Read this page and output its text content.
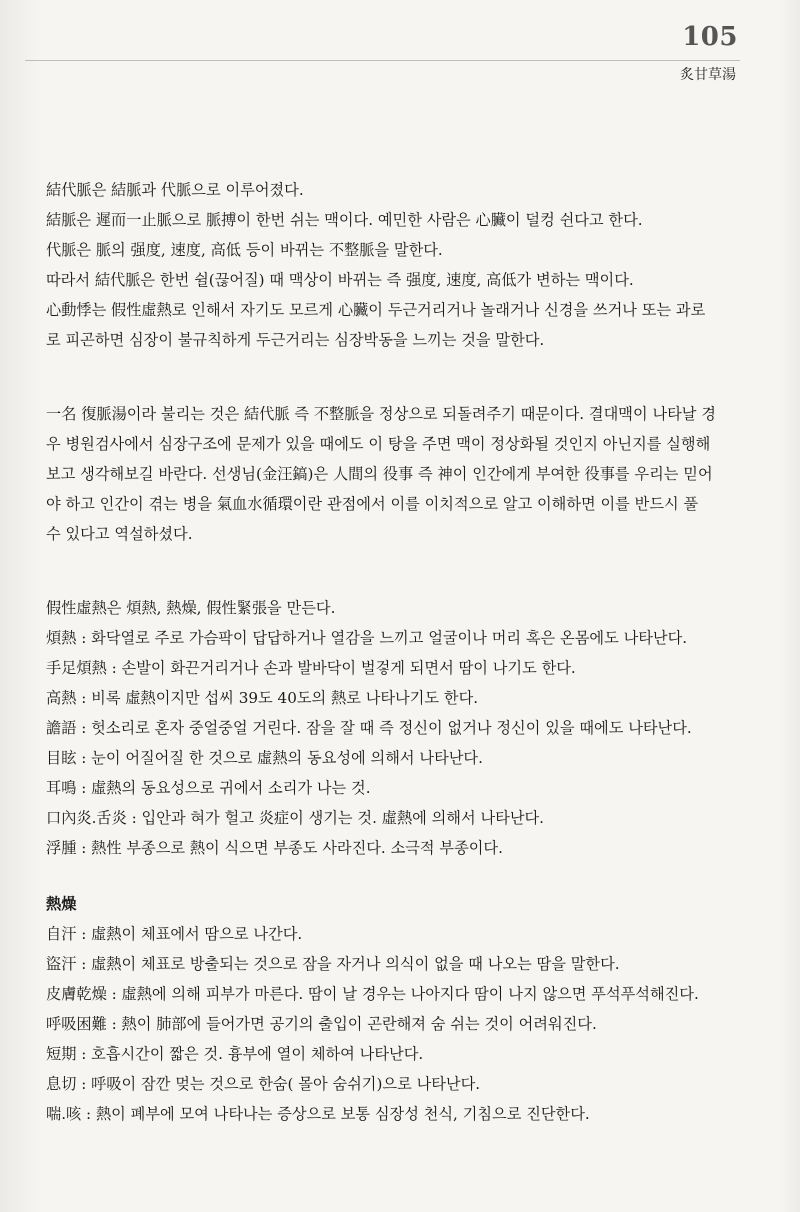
105
炙甘草湯
結代脈은 結脈과 代脈으로 이루어졌다.
結脈은 遲而一止脈으로 脈搏이 한번 쉬는 맥이다. 예민한 사람은 心臟이 덜컹 쉰다고 한다.
代脈은 脈의 强度, 速度, 高低 등이 바뀌는 不整脈을 말한다.
따라서 結代脈은 한번 쉴(끊어질) 때 맥상이 바뀌는 즉 强度, 速度, 高低가 변하는 맥이다.
心動悸는 假性虛熱로 인해서 자기도 모르게 心臟이 두근거리거나 놀래거나 신경을 쓰거나 또는 과로
로 피곤하면 심장이 불규칙하게 두근거리는 심장박동을 느끼는 것을 말한다.
一名 復脈湯이라 불리는 것은 結代脈 즉 不整脈을 정상으로 되돌려주기 때문이다. 결대맥이 나타날 경
우 병원검사에서 심장구조에 문제가 있을 때에도 이 탕을 주면 맥이 정상화될 것인지 아닌지를 실행해
보고 생각해보길 바란다. 선생님(金汪鎬)은 人間의 役事 즉 神이 인간에게 부여한 役事를 우리는 믿어
야 하고 인간이 겪는 병을 氣血水循環이란 관점에서 이를 이치적으로 알고 이해하면 이를 반드시 풀
수 있다고 역설하셨다.
假性虛熱은 煩熱, 熱燥, 假性緊張을 만든다.
煩熱 : 화닥열로 주로 가슴팍이 답답하거나 열감을 느끼고 얼굴이나 머리 혹은 온몸에도 나타난다.
手足煩熱 : 손발이 화끈거리거나 손과 발바닥이 벌겋게 되면서 땀이 나기도 한다.
高熱 : 비록 虛熱이지만 섭씨 39도 40도의 熱로 나타나기도 한다.
譫語 : 헛소리로 혼자 중얼중얼 거린다. 잠을 잘 때 즉 정신이 없거나 정신이 있을 때에도 나타난다.
目眩 : 눈이 어질어질 한 것으로 虛熱의 동요성에 의해서 나타난다.
耳鳴 : 虛熱의 동요성으로 귀에서 소리가 나는 것.
口內炎.舌炎 : 입안과 혀가 헐고 炎症이 생기는 것. 虛熱에 의해서 나타난다.
浮腫 : 熱性 부종으로 熱이 식으면 부종도 사라진다. 소극적 부종이다.
熱燥
自汗 : 虛熱이 체표에서 땀으로 나간다.
盜汗 : 虛熱이 체표로 방출되는 것으로 잠을 자거나 의식이 없을 때 나오는 땀을 말한다.
皮膚乾燥 : 虛熱에 의해 피부가 마른다. 땀이 날 경우는 나아지다 땀이 나지 않으면 푸석푸석해진다.
呼吸困難 : 熱이 肺部에 들어가면 공기의 출입이 곤란해져 숨 쉬는 것이 어려워진다.
短期 : 호흡시간이 짧은 것. 흉부에 열이 체하여 나타난다.
息切 : 呼吸이 잠깐 멎는 것으로 한숨( 몰아 숨쉬기)으로 나타난다.
喘.咳 : 熱이 폐부에 모여 나타나는 증상으로 보통 심장성 천식, 기침으로 진단한다.
